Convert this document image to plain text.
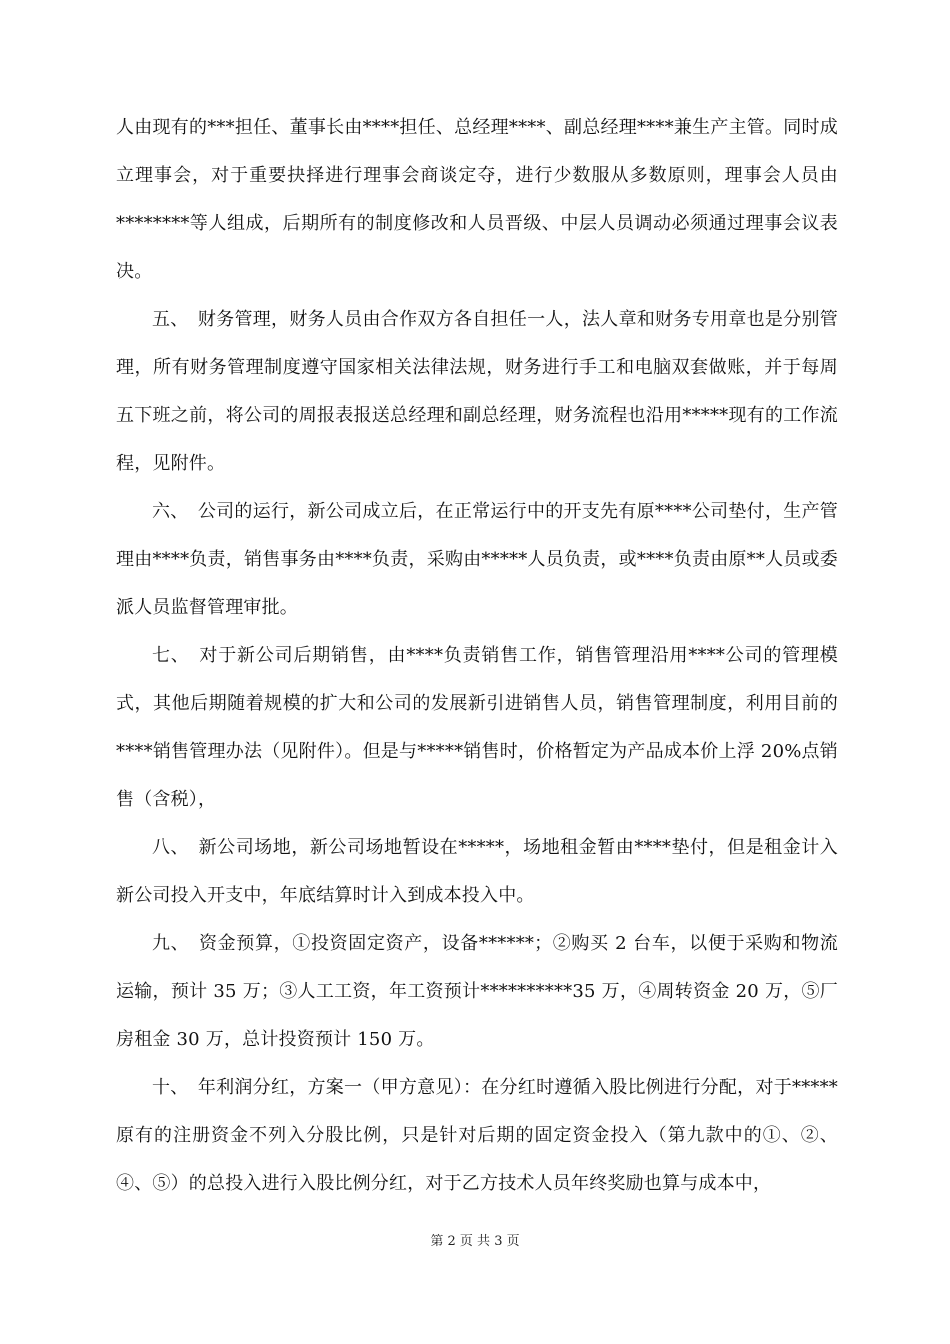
人由现有的***担任、董事长由****担任、总经理****、副总经理****兼生产主管。同时成立理事会，对于重要抉择进行理事会商谈定夺，进行少数服从多数原则，理事会人员由********等人组成，后期所有的制度修改和人员晋级、中层人员调动必须通过理事会议表决。

五、　财务管理，财务人员由合作双方各自担任一人，法人章和财务专用章也是分别管理，所有财务管理制度遵守国家相关法律法规，财务进行手工和电脑双套做账，并于每周五下班之前，将公司的周报表报送总经理和副总经理，财务流程也沿用*****现有的工作流程，见附件。

六、　公司的运行，新公司成立后，在正常运行中的开支先有原****公司垫付，生产管理由****负责，销售事务由****负责，采购由*****人员负责，或****负责由原**人员或委派人员监督管理审批。

七、　对于新公司后期销售，由****负责销售工作，销售管理沿用****公司的管理模式，其他后期随着规模的扩大和公司的发展新引进销售人员，销售管理制度，利用目前的****销售管理办法（见附件）。但是与*****销售时，价格暂定为产品成本价上浮 20%点销售（含税），

八、　新公司场地，新公司场地暂设在*****，场地租金暂由****垫付，但是租金计入新公司投入开支中，年底结算时计入到成本投入中。

九、　资金预算，①投资固定资产，设备******；②购买 2 台车，以便于采购和物流运输，预计 35 万；③人工工资，年工资预计**********35 万，④周转资金 20 万，⑤厂房租金 30 万，总计投资预计 150 万。

十、　年利润分红，方案一（甲方意见）：在分红时遵循入股比例进行分配，对于*****原有的注册资金不列入分股比例，只是针对后期的固定资金投入（第九款中的①、②、④、⑤）的总投入进行入股比例分红，对于乙方技术人员年终奖励也算与成本中，

第 2 页 共 3 页
